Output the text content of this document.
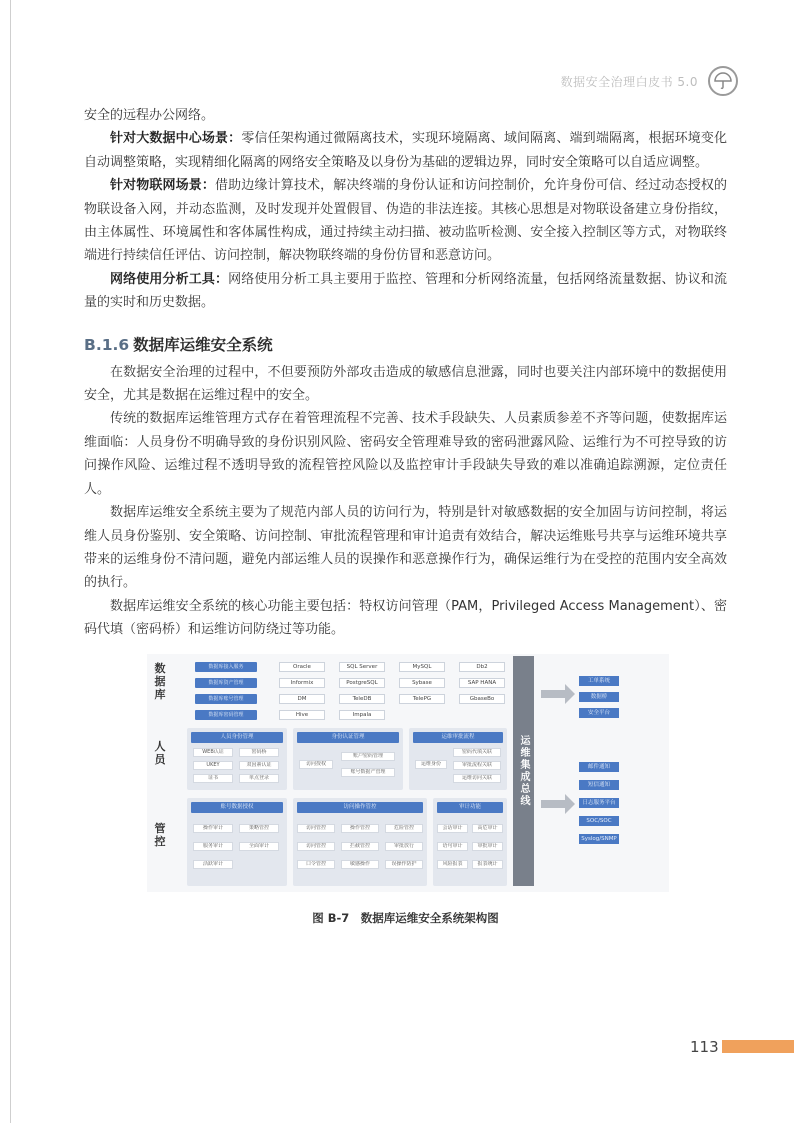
数据安全治理白皮书 5.0

安全的远程办公网络。

针对大数据中心场景：零信任架构通过微隔离技术，实现环境隔离、域间隔离、端到端隔离，根据环境变化自动调整策略，实现精细化隔离的网络安全策略及以身份为基础的逻辑边界，同时安全策略可以自适应调整。

针对物联网场景：借助边缘计算技术，解决终端的身份认证和访问控制价，允许身份可信、经过动态授权的物联设备入网，并动态监测，及时发现并处置假冒、伪造的非法连接。其核心思想是对物联设备建立身份指纹，由主体属性、环境属性和客体属性构成，通过持续主动扫描、被动监听检测、安全接入控制区等方式，对物联终端进行持续信任评估、访问控制，解决物联终端的身份仿冒和恶意访问。

网络使用分析工具：网络使用分析工具主要用于监控、管理和分析网络流量，包括网络流量数据、协议和流量的实时和历史数据。

B.1.6 数据库运维安全系统

在数据安全治理的过程中，不但要预防外部攻击造成的敏感信息泄露，同时也要关注内部环境中的数据使用安全，尤其是数据在运维过程中的安全。

传统的数据库运维管理方式存在着管理流程不完善、技术手段缺失、人员素质参差不齐等问题，使数据库运维面临：人员身份不明确导致的身份识别风险、密码安全管理难导致的密码泄露风险、运维行为不可控导致的访问操作风险、运维过程不透明导致的流程管控风险以及监控审计手段缺失导致的难以准确追踪溯源，定位责任人。

数据库运维安全系统主要为了规范内部人员的访问行为，特别是针对敏感数据的安全加固与访问控制，将运维人员身份鉴别、安全策略、访问控制、审批流程管理和审计追责有效结合，解决运维账号共享与运维环境共享带来的运维身份不清问题，避免内部运维人员的误操作和恶意操作行为，确保运维行为在受控的范围内安全高效的执行。

数据库运维安全系统的核心功能主要包括：特权访问管理（PAM，Privileged Access Management）、密码代填（密码桥）和运维访问防绕过等功能。

数据库
人员
管控
数据库接入服务
数据库资产管理
数据库账号管理
数据库密码管理
Oracle	SQL Server	MySQL	Db2
Informix	PostgreSQL	Sybase	SAP HANA
DM	TeleDB	TelePG	GbaseBo
Hive	Impala
人员身份管理
WEB认证	密码桥
UKEY	双因素认证
证书	单点登录
身份认证管理
访问授权
账户密码管理
账号数据产管理
运维审批流程
运维身份
密码代填关联
审批流程关联
运维访问关联
账号数据授权
操作审计	策略管控
服务审计	全面审计
活跃审计
访问操作管控
访问管控	操作管控	危险管控
访问管控	拦截管控	审批放行
口令管控	敏感操作	误操作防护
审计功能
会话审计	高危审计
语句审计	审批审计
风险报表	报表统计
运维集成总线
工单系统
数据桥
安全平台
邮件通知
短信通知
日志服务平台
SOC/SOC
Syslog/SNMP
图 B-7　数据库运维安全系统架构图
113
